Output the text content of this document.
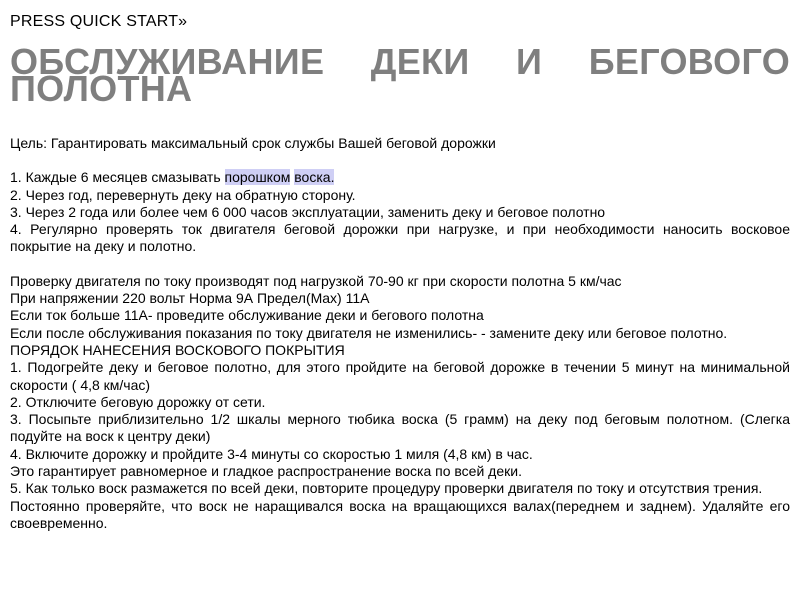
PRESS QUICK START»
ОБСЛУЖИВАНИЕ ДЕКИ И БЕГОВОГО ПОЛОТНА
Цель: Гарантировать максимальный срок службы Вашей беговой дорожки
1. Каждые 6 месяцев смазывать порошком воска.
2. Через год, перевернуть деку на обратную сторону.
3. Через 2 года или более чем 6 000 часов эксплуатации, заменить деку и беговое полотно
4. Регулярно проверять ток двигателя беговой дорожки при нагрузке, и при необходимости наносить восковое покрытие на деку и полотно.
Проверку двигателя по току производят под нагрузкой 70-90 кг при скорости полотна 5 км/час
При напряжении 220 вольт Норма 9А Предел(Max) 11А
Если ток больше 11А- проведите обслуживание деки и бегового полотна
Если после обслуживания показания по току двигателя не изменились- - замените деку или беговое полотно.
ПОРЯДОК НАНЕСЕНИЯ ВОСКОВОГО ПОКРЫТИЯ
1. Подогрейте деку и беговое полотно, для этого пройдите на беговой дорожке в течении 5 минут на минимальной скорости ( 4,8 км/час)
2. Отключите беговую дорожку от сети.
3. Посыпьте приблизительно 1/2 шкалы мерного тюбика воска (5 грамм) на деку под беговым полотном. (Слегка подуйте на воск к центру деки)
4. Включите дорожку и пройдите 3-4 минуты со скоростью 1 миля (4,8 км) в час.
Это гарантирует равномерное и гладкое распространение воска по всей деки.
5. Как только воск размажется по всей деки, повторите процедуру проверки двигателя по току и отсутствия трения.
Постоянно проверяйте, что воск не наращивался воска на вращающихся валах(переднем и заднем). Удаляйте его своевременно.
